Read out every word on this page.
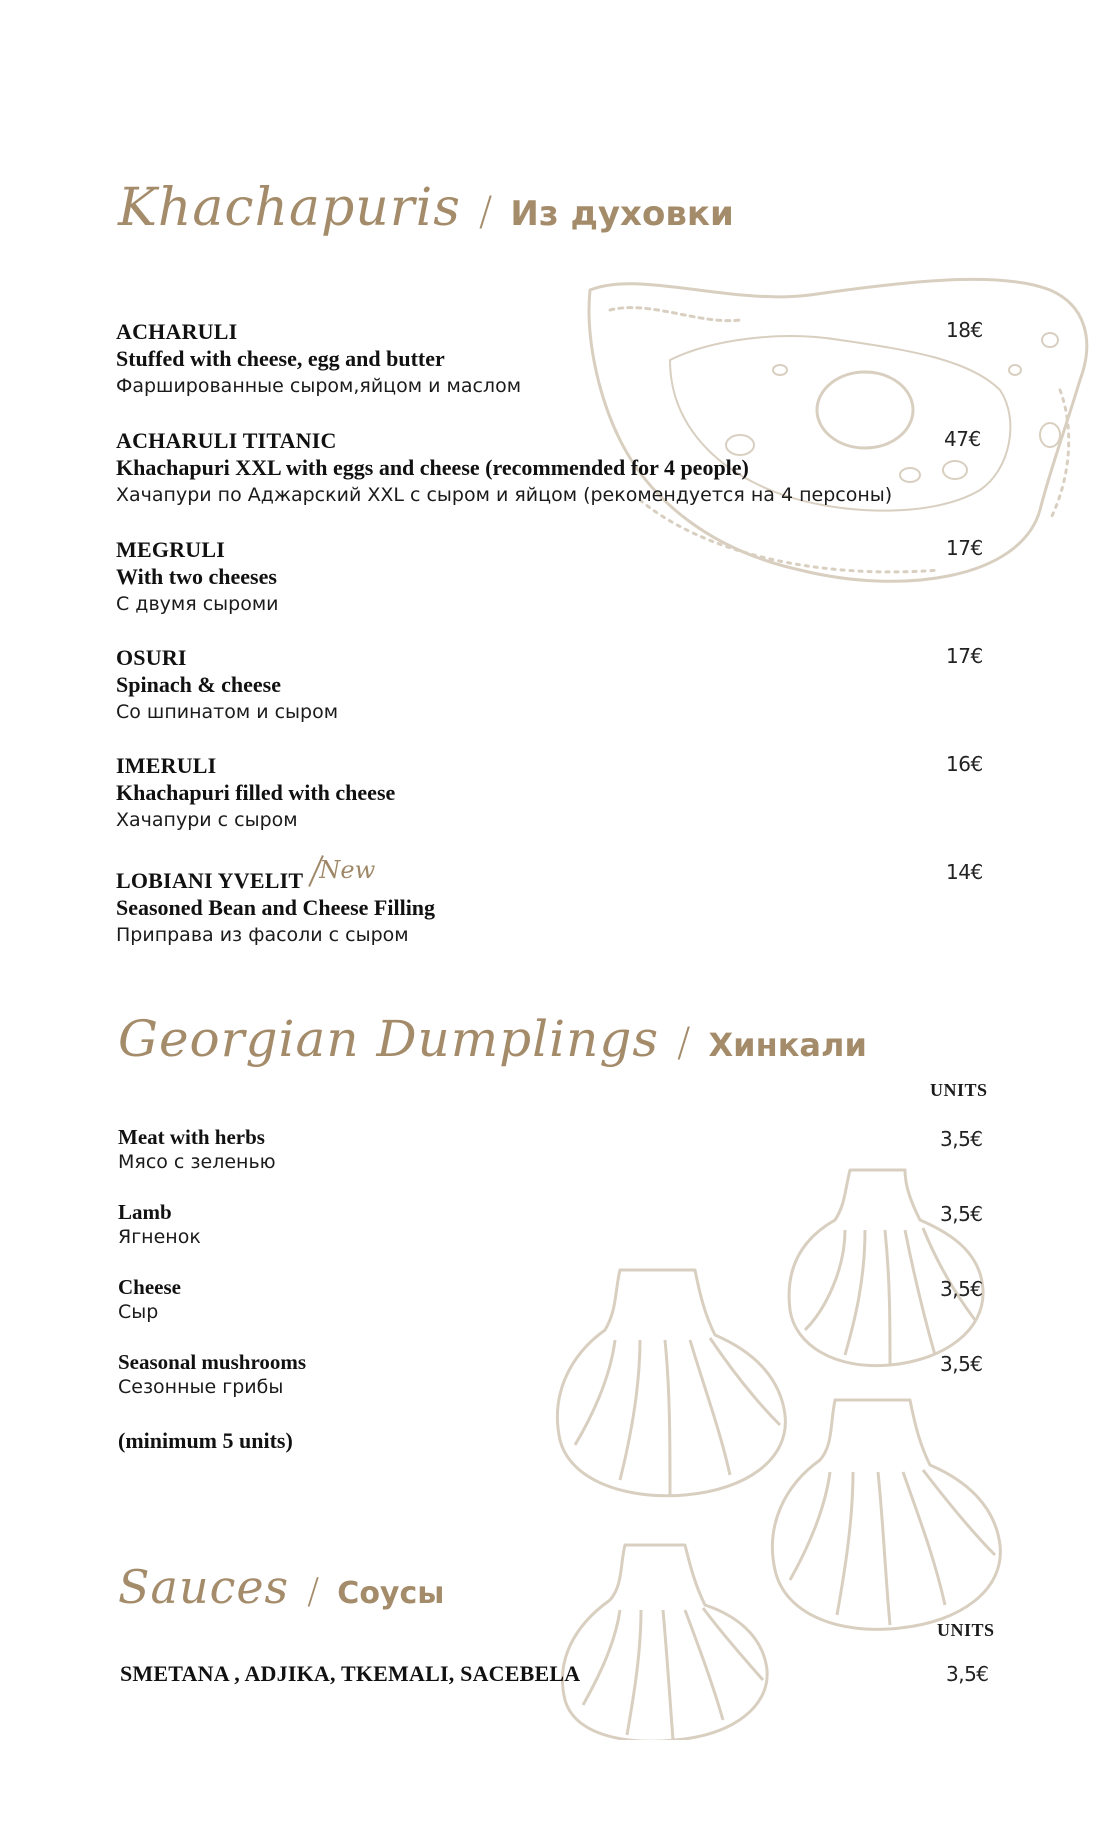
Khachapuris / Из духовки
ACHARULI
Stuffed with cheese, egg and butter
Фаршированные сыром,яйцом и маслом
18€
ACHARULI TITANIC
Khachapuri XXL with eggs and cheese (recommended for 4 people)
Хачапури по Аджарский XXL с сыром и яйцом (рекомендуется на 4 персоны)
47€
MEGRULI
With two cheeses
С двумя сыроми
17€
OSURI
Spinach & cheese
Со шпинатом и сыром
17€
IMERULI
Khachapuri filled with cheese
Хачапури с сыром
16€
LOBIANI YVELIT New
Seasoned Bean and Cheese Filling
Приправа из фасоли с сыром
14€
Georgian Dumplings / Хинкали
UNITS
Meat with herbs
Мясо с зеленью
3,5€
Lamb
Ягненок
3,5€
Cheese
Сыр
3,5€
Seasonal mushrooms
Сезонные грибы
3,5€
(minimum 5 units)
Sauces / Соусы
UNITS
SMETANA , ADJIKA, TKEMALI, SACEBELA	3,5€
